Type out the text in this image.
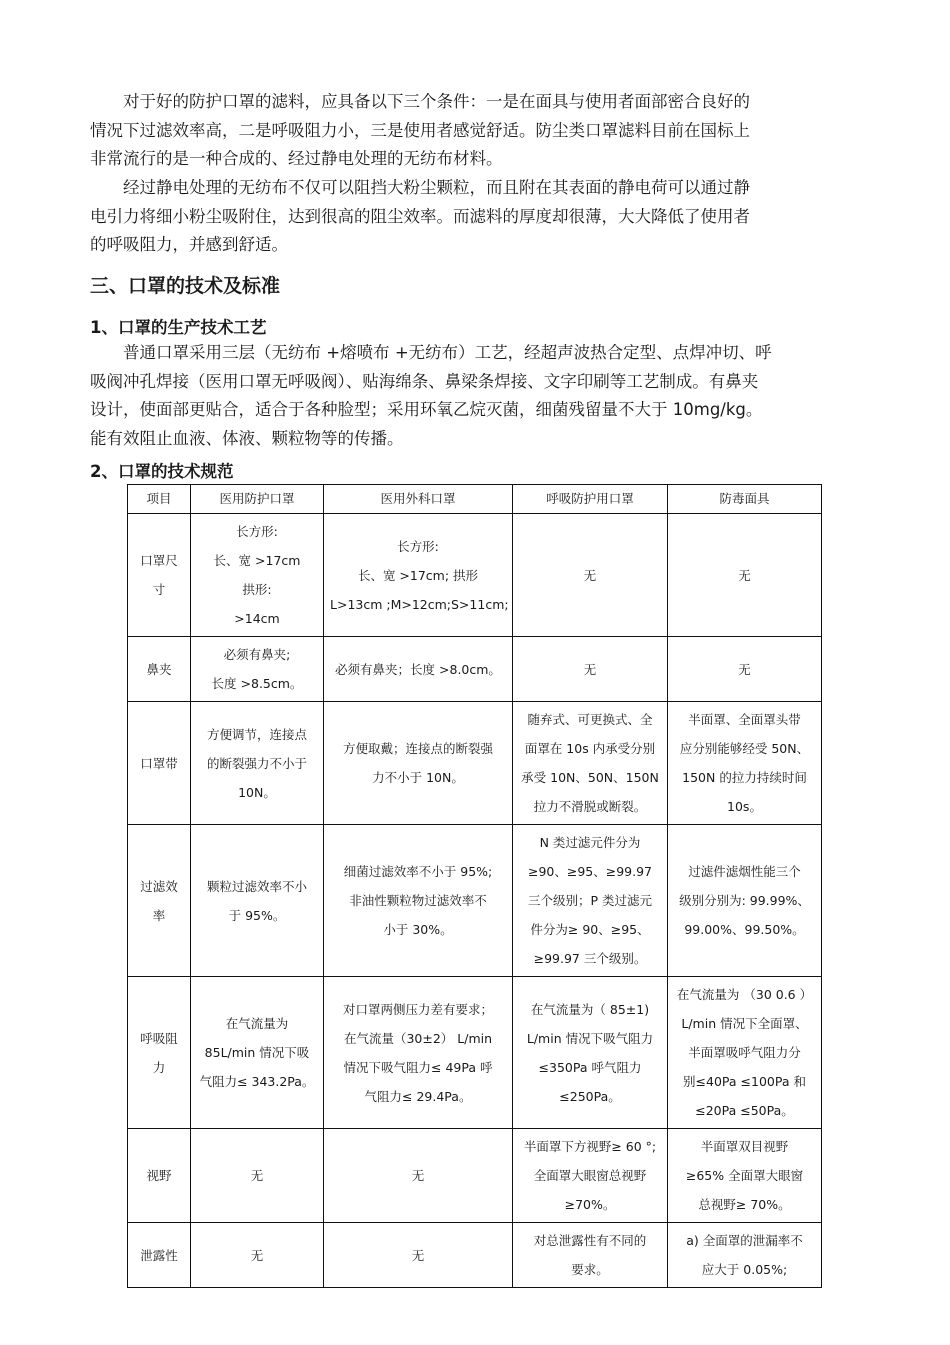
对于好的防护口罩的滤料，应具备以下三个条件：一是在面具与使用者面部密合良好的
情况下过滤效率高，二是呼吸阻力小，三是使用者感觉舒适。防尘类口罩滤料目前在国标上
非常流行的是一种合成的、经过静电处理的无纺布材料。
经过静电处理的无纺布不仅可以阻挡大粉尘颗粒，而且附在其表面的静电荷可以通过静
电引力将细小粉尘吸附住，达到很高的阻尘效率。而滤料的厚度却很薄，大大降低了使用者
的呼吸阻力，并感到舒适。
三、口罩的技术及标准
1、口罩的生产技术工艺
普通口罩采用三层（无纺布 +熔喷布 +无纺布）工艺，经超声波热合定型、点焊冲切、呼
吸阀冲孔焊接（医用口罩无呼吸阀）、贴海绵条、鼻梁条焊接、文字印刷等工艺制成。有鼻夹
设计，使面部更贴合，适合于各种脸型；采用环氧乙烷灭菌，细菌残留量不大于 10mg/kg。
能有效阻止血液、体液、颗粒物等的传播。
2、口罩的技术规范
项目	医用防护口罩	医用外科口罩	呼吸防护用口罩	防毒面具

口罩尺
寸	长方形:
长、宽 >17cm
拱形:
>14cm	长方形:
长、宽 >17cm; 拱形
L>13cm ;M>12cm;S>11cm;	无	无

鼻夹	必须有鼻夹;
长度 >8.5cm。	必须有鼻夹；长度 >8.0cm。	无	无

口罩带	方便调节，连接点
的断裂强力不小于
10N。	方便取戴；连接点的断裂强
力不小于 10N。	随弃式、可更换式、全
面罩在 10s 内承受分别
承受 10N、50N、150N
拉力不滑脱或断裂。	半面罩、全面罩头带
应分别能够经受 50N、
150N 的拉力持续时间
10s。

过滤效
率	颗粒过滤效率不小
于 95%。	细菌过滤效率不小于 95%;
非油性颗粒物过滤效率不
小于 30%。	N 类过滤元件分为
≥90、≥95、≥99.97
三个级别；P 类过滤元
件分为≥ 90、≥95、
≥99.97 三个级别。	过滤件滤烟性能三个
级别分别为: 99.99%、
99.00%、99.50%。

呼吸阻
力	在气流量为
85L/min 情况下吸
气阻力≤ 343.2Pa。	对口罩两侧压力差有要求；
在气流量（30±2） L/min
情况下吸气阻力≤ 49Pa 呼
气阻力≤ 29.4Pa。	在气流量为（ 85±1)
L/min 情况下吸气阻力
≤350Pa 呼气阻力
≤250Pa。	在气流量为 （30 0.6 ）
L/min 情况下全面罩、
半面罩吸呼气阻力分
别≤40Pa ≤100Pa 和
≤20Pa ≤50Pa。

视野	无	无	半面罩下方视野≥ 60 °;
全面罩大眼窗总视野
≥70%。	半面罩双目视野
≥65% 全面罩大眼窗
总视野≥ 70%。

泄露性	无	无	对总泄露性有不同的
要求。	a) 全面罩的泄漏率不
应大于 0.05%;
